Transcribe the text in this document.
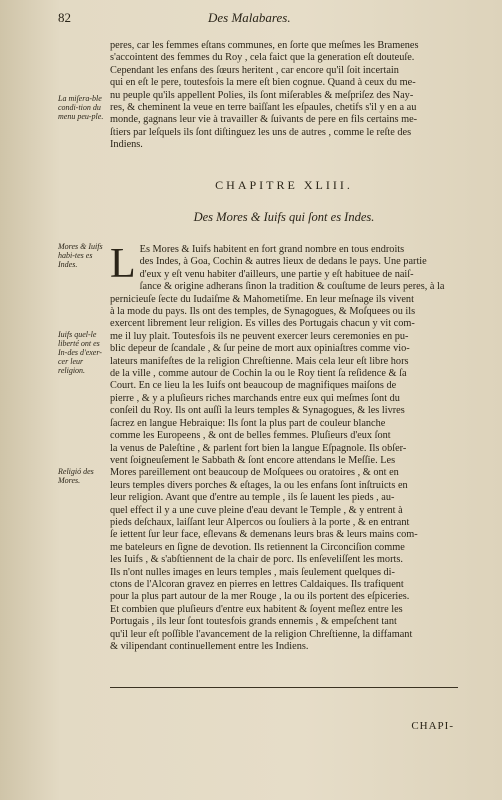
82	Des Malabares.
peres, car les femmes eſtans communes, en ſorte que meſmes les Bramenes
s'accointent des femmes du Roy , cela faict que la generation eſt douteuſe.
Cependant les enfans des ſœurs heritent , car encore qu'il ſoit incertain
qui en eſt le pere, toutesfois la mere eſt bien cognue. Quand à ceux du me-
nu peuple qu'ils appellent Polies, ils ſont miſerables & meſpriſez des Nay-
res, & cheminent la veue en terre baiſſant les eſpaules, chetifs s'il y en a au
monde, gagnans leur vie à travailler & ſuivants de pere en fils certains me-
ſtiers par leſquels ils ſont diſtinguez les uns de autres , comme le reſte des
Indiens.
La miſera-ble condi-tion du menu peu-ple.
CHAPITRE XLIII.
Des Mores & Iuifs qui ſont es Indes.
Mores & Iuifs habi-tes es Indes.
Iuifs quel-le liberté ont es In-des d'exer-cer leur religion.
Religió des Mores.
L Es Mores & Iuifs habitent en fort grand nombre en tous endroits
des Indes, à Goa, Cochin & autres lieux de dedans le pays. Une partie
d'eux y eſt venu habiter d'ailleurs, une partie y eſt habituee de naiſ-
ſance & origine adherans ſinon la tradition & couſtume de leurs peres, à la
pernicieuſe ſecte du Iudaiſme & Mahometiſme. En leur meſnage ils vivent
à la mode du pays. Ils ont des temples, de Synagogues, & Moſquees ou ils
exercent librement leur religion. Es villes des Portugais chacun y vit com-
me il luy plait. Toutesfois ils ne peuvent exercer leurs ceremonies en pu-
blic depeur de ſcandale , & ſur peine de mort aux opiniaſtres comme vio-
lateurs manifeſtes de la religion Chreſtienne. Mais cela leur eſt libre hors
de la ville , comme autour de Cochin la ou le Roy tient ſa reſidence & ſa
Court. En ce lieu la les Iuifs ont beaucoup de magnifiques maiſons de
pierre , & y a pluſieurs riches marchands entre eux qui meſmes ſont du
conſeil du Roy. Ils ont auſſi la leurs temples & Synagogues, & les livres
ſacrez en langue Hebraique: Ils ſont la plus part de couleur blanche
comme les Europeens , & ont de belles femmes. Pluſieurs d'eux ſont
la venus de Paleſtine , & parlent fort bien la langue Eſpagnole. Ils obſer-
vent ſoigneuſement le Sabbath & ſont encore attendans le Meſſie. Les
Mores pareillement ont beaucoup de Moſquees ou oratoires , & ont en
leurs temples divers porches & eſtages, la ou les enfans ſont inſtruicts en
leur religion. Avant que d'entre au temple , ils ſe lauent les pieds , au-
quel effect il y a une cuve pleine d'eau devant le Temple , & y entrent à
pieds deſchaux, laiſſant leur Alpercos ou ſouliers à la porte , & en entrant
ſe iettent ſur leur face, eſlevans & demenans leurs bras & leurs mains com-
me bateleurs en ſigne de devotion. Ils retiennent la Circonciſion comme
les Iuifs , & s'abſtiennent de la chair de porc. Ils enſeveliſſent les morts.
Ils n'ont nulles images en leurs temples , mais ſeulement quelques di-
ctons de l'Alcoran gravez en pierres en lettres Caldaiques. Ils trafiquent
pour la plus part autour de la mer Rouge , la ou ils portent des eſpiceries.
Et combien que pluſieurs d'entre eux habitent & ſoyent meſlez entre les
Portugais , ils leur ſont toutesfois grands ennemis , & empeſchent tant
qu'il leur eſt poſſible l'avancement de la religion Chreſtienne, la diffamant
& vilipendant continuellement entre les Indiens.
CHAPI-
